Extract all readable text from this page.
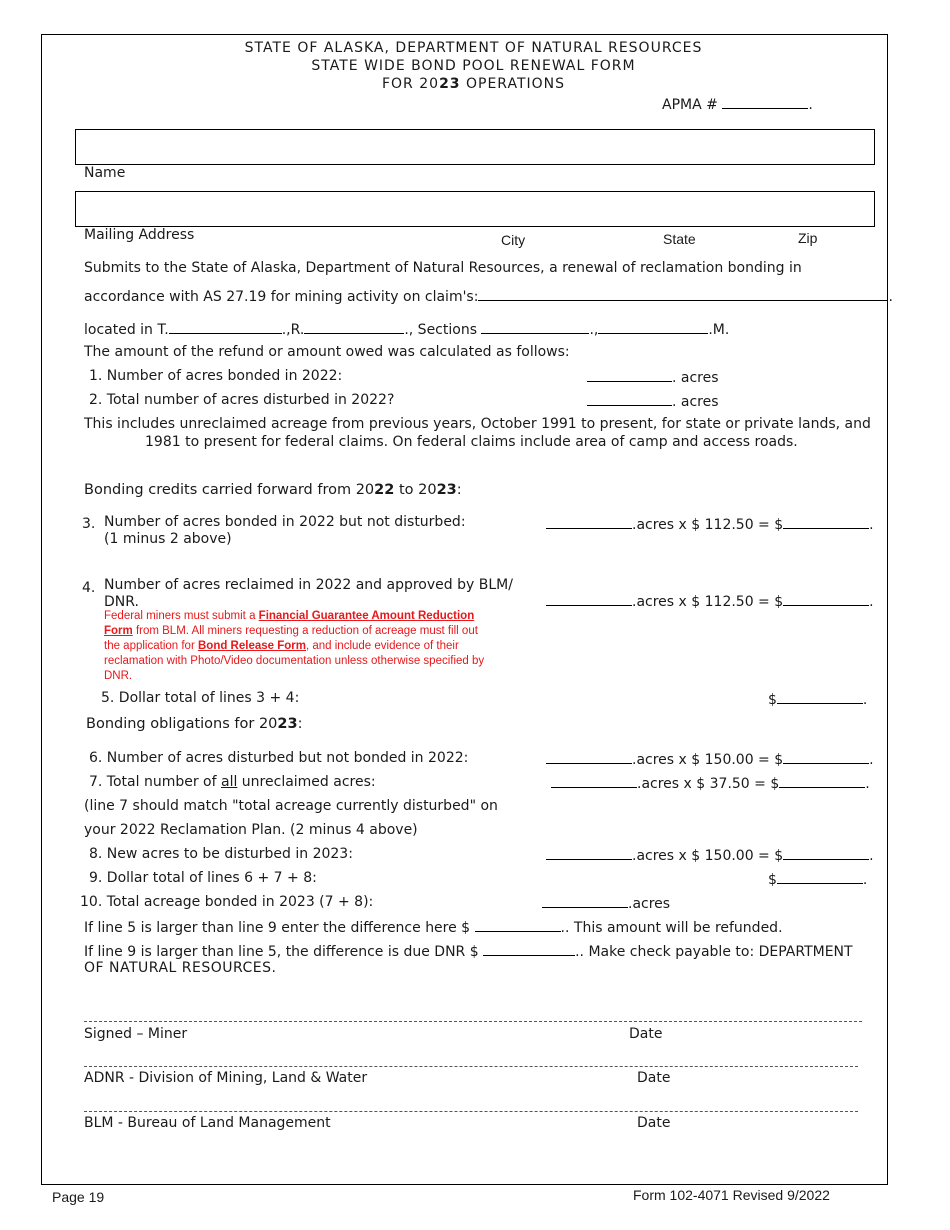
STATE OF ALASKA, DEPARTMENT OF NATURAL RESOURCES
STATE WIDE BOND POOL RENEWAL FORM
FOR 2023 OPERATIONS
APMA #	.
Name
Mailing Address	City	State	Zip
Submits to the State of Alaska, Department of Natural Resources, a renewal of reclamation bonding in
accordance with AS 27.19 for mining activity on claim's:	.
located in T.	.,R.	., Sections	.,	.M.
The amount of the refund or amount owed was calculated as follows:
1. Number of acres bonded in 2022:	. acres
2. Total number of acres disturbed in 2022?	. acres
This includes unreclaimed acreage from previous years, October 1991 to present, for state or private lands, and
1981 to present for federal claims. On federal claims include area of camp and access roads.
Bonding credits carried forward from 2022 to 2023:
3. Number of acres bonded in 2022 but not disturbed:
(1 minus 2 above)
.acres x $ 112.50 = $	.
4. Number of acres reclaimed in 2022 and approved by BLM/
DNR.	.acres x $ 112.50 = $	.
Federal miners must submit a Financial Guarantee Amount Reduction
Form from BLM. All miners requesting a reduction of acreage must fill out
the application for Bond Release Form, and include evidence of their
reclamation with Photo/Video documentation unless otherwise specified by
DNR.
5. Dollar total of lines 3 + 4:	$	.
Bonding obligations for 2023:
6. Number of acres disturbed but not bonded in 2022:	.acres x $ 150.00 = $	.
7. Total number of all unreclaimed acres:	.acres x $ 37.50 = $	.
(line 7 should match "total acreage currently disturbed" on
your 2022 Reclamation Plan. (2 minus 4 above)
8. New acres to be disturbed in 2023:	.acres x $ 150.00 = $	.
9. Dollar total of lines 6 + 7 + 8:	$	.
10. Total acreage bonded in 2023 (7 + 8):	.acres
If line 5 is larger than line 9 enter the difference here $	.. This amount will be refunded.
If line 9 is larger than line 5, the difference is due DNR $	.. Make check payable to: DEPARTMENT
OF NATURAL RESOURCES.
Signed – Miner	Date
ADNR - Division of Mining, Land & Water	Date
BLM - Bureau of Land Management	Date
Page 19	Form 102-4071 Revised 9/2022
